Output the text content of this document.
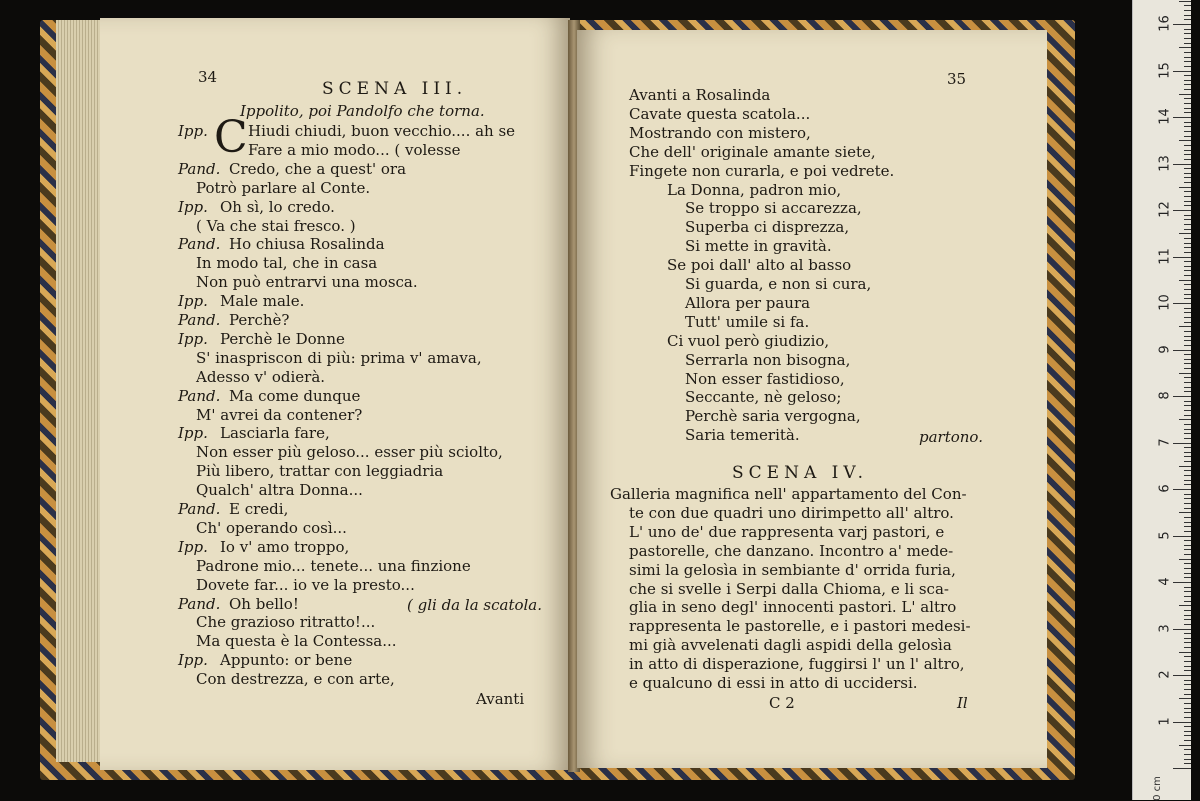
34
SCENA III.
Ippolito, poi Pandolfo che torna.
C
Ipp.	Hiudi chiudi, buon vecchio.... ah se
Fare a mio modo... ( volesse
Pand. Credo, che a quest' ora
Potrò parlare al Conte.
Ipp. Oh sì, lo credo.
( Va che stai fresco. )
Pand. Ho chiusa Rosalinda
In modo tal, che in casa
Non può entrarvi una mosca.
Ipp. Male male.
Pand. Perchè?
Ipp. Perchè le Donne
S' inaspriscon di più: prima v' amava,
Adesso v' odierà.
Pand. Ma come dunque
M' avrei da contener?
Ipp. Lasciarla fare,
Non esser più geloso... esser più sciolto,
Più libero, trattar con leggiadria
Qualch' altra Donna...
Pand. E credi,
Ch' operando così...
Ipp. Io v' amo troppo,
Padrone mio... tenete... una finzione
Dovete far... io ve la presto...
Pand. Oh bello!
Che grazioso ritratto!...
Ma questa è la Contessa...
Ipp. Appunto: or bene
Con destrezza, e con arte,
( gli da la scatola.
Avanti
35
Avanti a Rosalinda
Cavate questa scatola...
Mostrando con mistero,
Che dell' originale amante siete,
Fingete non curarla, e poi vedrete.
La Donna, padron mio,
Se troppo si accarezza,
Superba ci disprezza,
Si mette in gravità.
Se poi dall' alto al basso
Si guarda, e non si cura,
Allora per paura
Tutt' umile si fa.
Ci vuol però giudizio,
Serrarla non bisogna,
Non esser fastidioso,
Seccante, nè geloso;
Perchè saria vergogna,
Saria temerità.	partono.
SCENA IV.
Galleria magnifica nell' appartamento del Con-
te con due quadri uno dirimpetto all' altro.
L' uno de' due rappresenta varj pastori, e
pastorelle, che danzano. Incontro a' mede-
simi la gelosìa in sembiante d' orrida furia,
che si svelle i Serpi dalla Chioma, e li sca-
glia in seno degl' innocenti pastori. L' altro
rappresenta le pastorelle, e i pastori medesi-
mi già avvelenati dagli aspidi della gelosìa
in atto di disperazione, fuggirsi l' un l' altro,
e qualcuno di essi in atto di uccidersi.
C 2	Il
1
2
3
4
5
6
7
8
9
10
11
12
13
14
15
16
0 cm
